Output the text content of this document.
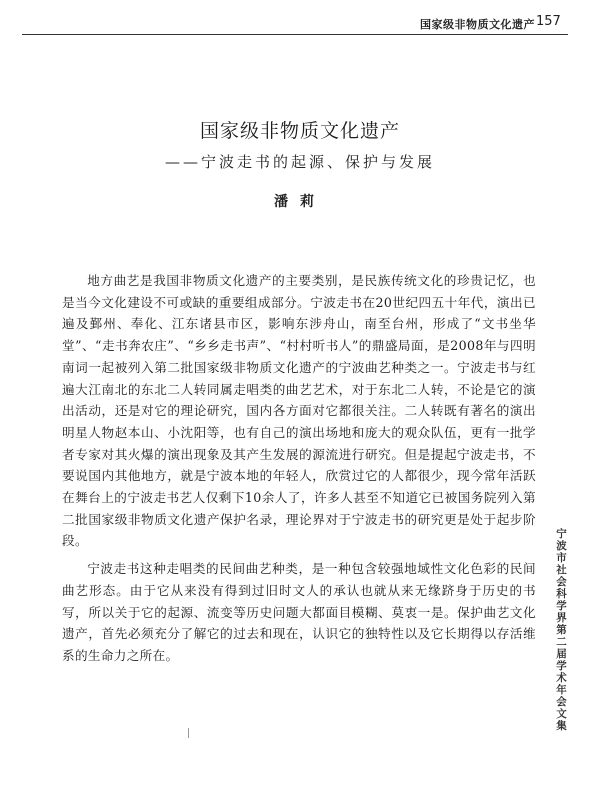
国家级非物质文化遗产 157
国家级非物质文化遗产
——宁波走书的起源、保护与发展
潘莉

地方曲艺是我国非物质文化遗产的主要类别，是民族传统文化的珍贵记忆，也是当今文化建设不可或缺的重要组成部分。宁波走书在20世纪四五十年代，演出已遍及鄞州、奉化、江东诸县市区，影响东涉舟山，南至台州，形成了“文书坐华堂”、“走书奔农庄”、“乡乡走书声”、“村村听书人”的鼎盛局面，是2008年与四明南词一起被列入第二批国家级非物质文化遗产的宁波曲艺种类之一。宁波走书与红遍大江南北的东北二人转同属走唱类的曲艺艺术，对于东北二人转，不论是它的演出活动，还是对它的理论研究，国内各方面对它都很关注。二人转既有著名的演出明星人物赵本山、小沈阳等，也有自己的演出场地和庞大的观众队伍，更有一批学者专家对其火爆的演出现象及其产生发展的源流进行研究。但是提起宁波走书，不要说国内其他地方，就是宁波本地的年轻人，欣赏过它的人都很少，现今常年活跃在舞台上的宁波走书艺人仅剩下10余人了，许多人甚至不知道它已被国务院列入第二批国家级非物质文化遗产保护名录，理论界对于宁波走书的研究更是处于起步阶段。

宁波走书这种走唱类的民间曲艺种类，是一种包含较强地域性文化色彩的民间曲艺形态。由于它从来没有得到过旧时文人的承认也就从来无缘跻身于历史的书写，所以关于它的起源、流变等历史问题大都面目模糊、莫衷一是。保护曲艺文化遗产，首先必须充分了解它的过去和现在，认识它的独特性以及它长期得以存活维系的生命力之所在。	宁波市社会科学界第二届学术年会文集
